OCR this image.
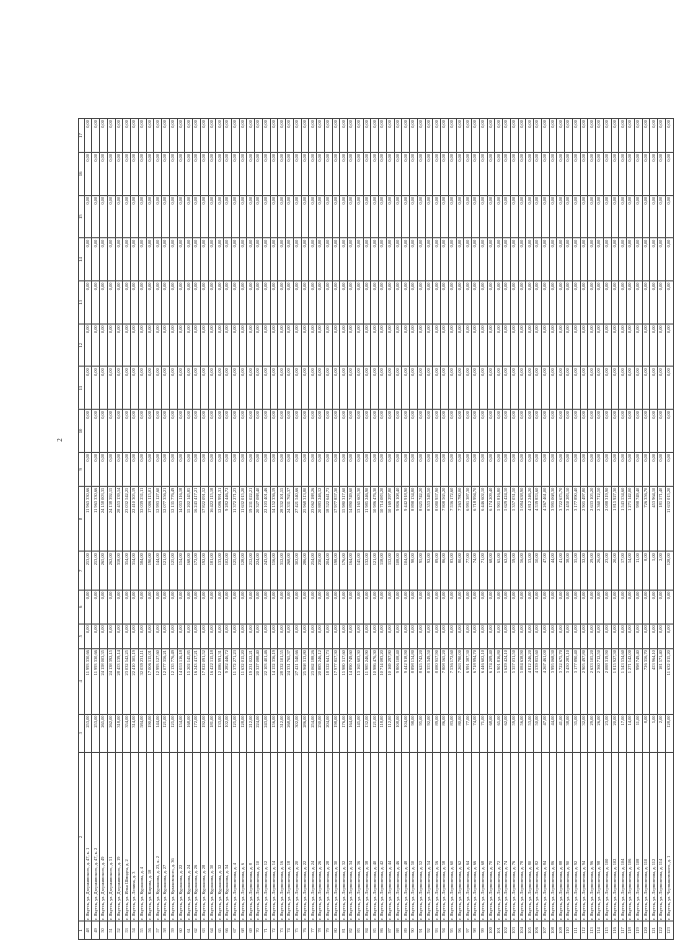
2
1	2	3	4	5	6	7	8	9	10	11	12	13	14	15	16	17
48	г. Якутск, ул. Дзержинского, д. 47, к. 1	253,00	11 993 330,66	0,00	0,00	253,00	11 963 330,66	0,00	0,00	0,00	0,00	0,00	0,00	0,00	0,00	0,00
49	г. Якутск, ул. Дзержинского, д. 47, к. 2	253,00	11 993 330,66	0,00	0,00	253,00	11 963 330,66	0,00	0,00	0,00	0,00	0,00	0,00	0,00	0,00	0,00
50	г. Якутск, ул. Дзержинского, д. 49	265,00	24 158 003,35	0,00	0,00	265,00	24 158 003,35	0,00	0,00	0,00	0,00	0,00	0,00	0,00	0,00	0,00
51	г. Якутск, ул. Дзержинского, д. 51	262,00	24 138 392,15	0,00	0,00	262,00	24 138 392,15	0,00	0,00	0,00	0,00	0,00	0,00	0,00	0,00	0,00
52	г. Якутск, ул. Дзержинского, д. 19	318,00	28 453 139,14	0,00	0,00	318,00	28 453 139,14	0,00	0,00	0,00	0,00	0,00	0,00	0,00	0,00	0,00
53	г. Якутск, ул. Илья Шмидта, д. 2	354,00	23 032 542,25	0,00	0,00	354,00	23 032 542,25	0,00	0,00	0,00	0,00	0,00	0,00	0,00	0,00	0,00
54	г. Якутск, ул. Ленина, д. 3	314,00	22 410 305,19	0,00	0,00	314,00	22 410 305,19	0,00	0,00	0,00	0,00	0,00	0,00	0,00	0,00	0,00
55	г. Якутск, ул. Курашова, д. 4	584,00	32 039 231,11	0,00	0,00	584,00	32 039 231,11	0,00	0,00	0,00	0,00	0,00	0,00	0,00	0,00	0,00
56	г. Якутск, ул. Кирова, д. 18	190,00	17 006 115,01	0,00	0,00	190,00	17 006 115,01	0,00	0,00	0,00	0,00	0,00	0,00	0,00	0,00	0,00
57	г. Якутск, ул. Курашова, д. 23, к. 2	144,00	12 993 127,60	0,00	0,00	144,00	12 993 127,60	0,00	0,00	0,00	0,00	0,00	0,00	0,00	0,00	0,00
58	г. Якутск, ул. Курашова, д. 27	121,00	12 077 356,21	0,00	0,00	121,00	12 077 356,21	0,00	0,00	0,00	0,00	0,00	0,00	0,00	0,00	0,00
59	г. Якутск, ул. Кулаковского, д. 36	125,00	12 135 776,49	0,00	0,00	125,00	12 135 776,49	0,00	0,00	0,00	0,00	0,00	0,00	0,00	0,00	0,00
60	г. Якутск, ул. Курашова, д. 22	154,00	14 053 116,18	0,00	0,00	154,00	14 053 116,18	0,00	0,00	0,00	0,00	0,00	0,00	0,00	0,00	0,00
61	г. Якутск, ул. Курашова, д. 24	168,00	15 202 145,85	0,00	0,00	168,00	15 202 145,85	0,00	0,00	0,00	0,00	0,00	0,00	0,00	0,00	0,00
62	г. Якутск, ул. Курашова, д. 26	172,00	16 243 417,21	0,00	0,00	172,00	16 243 417,21	0,00	0,00	0,00	0,00	0,00	0,00	0,00	0,00	0,00
63	г. Якутск, ул. Курашова, д. 28	192,00	17 822 091,52	0,00	0,00	192,00	17 822 091,52	0,00	0,00	0,00	0,00	0,00	0,00	0,00	0,00	0,00
64	г. Якутск, ул. Курашова, д. 30	181,00	16 422 115,18	0,00	0,00	181,00	16 422 115,18	0,00	0,00	0,00	0,00	0,00	0,00	0,00	0,00	0,00
65	г. Якутск, ул. Курашова, д. 32	133,00	12 086 991,31	0,00	0,00	133,00	12 086 991,31	0,00	0,00	0,00	0,00	0,00	0,00	0,00	0,00	0,00
66	г. Якутск, ул. Курашова, д. 34	102,00	9 282 446,72	0,00	0,00	102,00	9 282 446,72	0,00	0,00	0,00	0,00	0,00	0,00	0,00	0,00	0,00
67	г. Якутск, ул. Лермонтова, д. 4	125,00	11 372 271,23	0,00	0,00	125,00	11 372 271,23	0,00	0,00	0,00	0,00	0,00	0,00	0,00	0,00	0,00
68	г. Якутск, ул. Лермонтова, д. 6	128,00	11 632 015,20	0,00	0,00	128,00	11 632 015,20	0,00	0,00	0,00	0,00	0,00	0,00	0,00	0,00	0,00
69	г. Якутск, ул. Лермонтова, д. 8	212,00	19 231 022,21	0,00	0,00	212,00	19 231 022,21	0,00	0,00	0,00	0,00	0,00	0,00	0,00	0,00	0,00
70	г. Якутск, ул. Лермонтова, д. 10	224,00	20 327 088,40	0,00	0,00	224,00	20 327 088,40	0,00	0,00	0,00	0,00	0,00	0,00	0,00	0,00	0,00
71	г. Якутск, ул. Лермонтова, д. 12	243,00	22 103 401,46	0,00	0,00	243,00	22 103 401,46	0,00	0,00	0,00	0,00	0,00	0,00	0,00	0,00	0,00
72	г. Якутск, ул. Лермонтова, д. 14	156,00	14 152 336,19	0,00	0,00	156,00	14 152 336,19	0,00	0,00	0,00	0,00	0,00	0,00	0,00	0,00	0,00
73	г. Якутск, ул. Лермонтова, д. 16	312,00	28 332 101,55	0,00	0,00	312,00	28 332 101,55	0,00	0,00	0,00	0,00	0,00	0,00	0,00	0,00	0,00
74	г. Якутск, ул. Лермонтова, д. 18	268,00	24 331 765,37	0,00	0,00	268,00	24 331 765,37	0,00	0,00	0,00	0,00	0,00	0,00	0,00	0,00	0,00
75	г. Якутск, ул. Лермонтова, д. 20	302,00	27 421 540,66	0,00	0,00	302,00	27 421 540,66	0,00	0,00	0,00	0,00	0,00	0,00	0,00	0,00	0,00
76	г. Якутск, ул. Лермонтова, д. 22	286,00	25 968 313,80	0,00	0,00	286,00	25 968 313,80	0,00	0,00	0,00	0,00	0,00	0,00	0,00	0,00	0,00
77	г. Якутск, ул. Лермонтова, д. 24	254,00	23 062 188,26	0,00	0,00	254,00	23 062 188,26	0,00	0,00	0,00	0,00	0,00	0,00	0,00	0,00	0,00
78	г. Якутск, ул. Лермонтова, д. 26	230,00	20 883 246,12	0,00	0,00	230,00	20 883 246,12	0,00	0,00	0,00	0,00	0,00	0,00	0,00	0,00	0,00
79	г. Якутск, ул. Лермонтова, д. 28	204,00	18 522 641,73	0,00	0,00	204,00	18 522 641,73	0,00	0,00	0,00	0,00	0,00	0,00	0,00	0,00	0,00
80	г. Якутск, ул. Лермонтова, д. 30	198,00	17 977 857,30	0,00	0,00	198,00	17 977 857,30	0,00	0,00	0,00	0,00	0,00	0,00	0,00	0,00	0,00
81	г. Якутск, ул. Лермонтова, д. 32	176,00	15 980 317,60	0,00	0,00	176,00	15 980 317,60	0,00	0,00	0,00	0,00	0,00	0,00	0,00	0,00	0,00
82	г. Якутск, ул. Лермонтова, д. 34	164,00	14 890 749,60	0,00	0,00	164,00	14 890 749,60	0,00	0,00	0,00	0,00	0,00	0,00	0,00	0,00	0,00
83	г. Якутск, ул. Лермонтова, д. 36	145,00	13 165 603,30	0,00	0,00	145,00	13 165 603,30	0,00	0,00	0,00	0,00	0,00	0,00	0,00	0,00	0,00
84	г. Якутск, ул. Лермонтова, д. 38	132,00	11 985 246,90	0,00	0,00	132,00	11 985 246,90	0,00	0,00	0,00	0,00	0,00	0,00	0,00	0,00	0,00
85	г. Якутск, ул. Лермонтова, д. 40	121,00	10 986 476,30	0,00	0,00	121,00	10 986 476,30	0,00	0,00	0,00	0,00	0,00	0,00	0,00	0,00	0,00
86	г. Якутск, ул. Лермонтова, д. 42	118,00	10 714 083,20	0,00	0,00	118,00	10 714 083,20	0,00	0,00	0,00	0,00	0,00	0,00	0,00	0,00	0,00
87	г. Якутск, ул. Лермонтова, д. 44	112,00	10 169 297,80	0,00	0,00	112,00	10 169 297,80	0,00	0,00	0,00	0,00	0,00	0,00	0,00	0,00	0,00
88	г. Якутск, ул. Лермонтова, д. 46	108,00	9 806 108,40	0,00	0,00	108,00	9 806 108,40	0,00	0,00	0,00	0,00	0,00	0,00	0,00	0,00	0,00
89	г. Якутск, ул. Лермонтова, д. 48	104,00	9 442 918,90	0,00	0,00	104,00	9 442 918,90	0,00	0,00	0,00	0,00	0,00	0,00	0,00	0,00	0,00
90	г. Якутск, ул. Лермонтова, д. 50	98,00	8 898 134,80	0,00	0,00	98,00	8 898 134,80	0,00	0,00	0,00	0,00	0,00	0,00	0,00	0,00	0,00
91	г. Якутск, ул. Лермонтова, д. 52	95,00	8 625 742,20	0,00	0,00	95,00	8 625 742,20	0,00	0,00	0,00	0,00	0,00	0,00	0,00	0,00	0,00
92	г. Якутск, ул. Лермонтова, д. 54	92,00	8 353 349,50	0,00	0,00	92,00	8 353 349,50	0,00	0,00	0,00	0,00	0,00	0,00	0,00	0,00	0,00
93	г. Якутск, ул. Лермонтова, д. 56	89,00	8 080 957,90	0,00	0,00	89,00	8 080 957,90	0,00	0,00	0,00	0,00	0,00	0,00	0,00	0,00	0,00
94	г. Якутск, ул. Лермонтова, д. 58	86,00	7 808 565,20	0,00	0,00	86,00	7 808 565,20	0,00	0,00	0,00	0,00	0,00	0,00	0,00	0,00	0,00
95	г. Якутск, ул. Лермонтова, д. 60	83,00	7 536 172,60	0,00	0,00	83,00	7 536 172,60	0,00	0,00	0,00	0,00	0,00	0,00	0,00	0,00	0,00
96	г. Якутск, ул. Лермонтова, д. 62	80,00	7 263 780,00	0,00	0,00	80,00	7 263 780,00	0,00	0,00	0,00	0,00	0,00	0,00	0,00	0,00	0,00
97	г. Якутск, ул. Лермонтова, д. 64	77,00	6 991 387,30	0,00	0,00	77,00	6 991 387,30	0,00	0,00	0,00	0,00	0,00	0,00	0,00	0,00	0,00
98	г. Якутск, ул. Лермонтова, д. 66	74,00	6 718 994,70	0,00	0,00	74,00	6 718 994,70	0,00	0,00	0,00	0,00	0,00	0,00	0,00	0,00	0,00
99	г. Якутск, ул. Лермонтова, д. 68	71,00	6 446 602,10	0,00	0,00	71,00	6 446 602,10	0,00	0,00	0,00	0,00	0,00	0,00	0,00	0,00	0,00
100	г. Якутск, ул. Лермонтова, д. 70	68,00	6 174 209,40	0,00	0,00	68,00	6 174 209,40	0,00	0,00	0,00	0,00	0,00	0,00	0,00	0,00	0,00
101	г. Якутск, ул. Лермонтова, д. 72	65,00	5 901 816,80	0,00	0,00	65,00	5 901 816,80	0,00	0,00	0,00	0,00	0,00	0,00	0,00	0,00	0,00
102	г. Якутск, ул. Лермонтова, д. 74	62,00	5 629 424,10	0,00	0,00	62,00	5 629 424,10	0,00	0,00	0,00	0,00	0,00	0,00	0,00	0,00	0,00
103	г. Якутск, ул. Лермонтова, д. 76	59,00	5 357 031,50	0,00	0,00	59,00	5 357 031,50	0,00	0,00	0,00	0,00	0,00	0,00	0,00	0,00	0,00
104	г. Якутск, ул. Лермонтова, д. 78	56,00	5 084 638,90	0,00	0,00	56,00	5 084 638,90	0,00	0,00	0,00	0,00	0,00	0,00	0,00	0,00	0,00
105	г. Якутск, ул. Лермонтова, д. 80	53,00	4 812 246,20	0,00	0,00	53,00	4 812 246,20	0,00	0,00	0,00	0,00	0,00	0,00	0,00	0,00	0,00
106	г. Якутск, ул. Лермонтова, д. 82	50,00	4 539 853,60	0,00	0,00	50,00	4 539 853,60	0,00	0,00	0,00	0,00	0,00	0,00	0,00	0,00	0,00
107	г. Якутск, ул. Лермонтова, д. 84	47,00	4 267 461,00	0,00	0,00	47,00	4 267 461,00	0,00	0,00	0,00	0,00	0,00	0,00	0,00	0,00	0,00
108	г. Якутск, ул. Лермонтова, д. 86	44,00	3 995 068,30	0,00	0,00	44,00	3 995 068,30	0,00	0,00	0,00	0,00	0,00	0,00	0,00	0,00	0,00
109	г. Якутск, ул. Лермонтова, д. 88	41,00	3 722 675,70	0,00	0,00	41,00	3 722 675,70	0,00	0,00	0,00	0,00	0,00	0,00	0,00	0,00	0,00
110	г. Якутск, ул. Лермонтова, д. 90	38,00	3 450 283,10	0,00	0,00	38,00	3 450 283,10	0,00	0,00	0,00	0,00	0,00	0,00	0,00	0,00	0,00
111	г. Якутск, ул. Лермонтова, д. 92	35,00	3 177 890,40	0,00	0,00	35,00	3 177 890,40	0,00	0,00	0,00	0,00	0,00	0,00	0,00	0,00	0,00
112	г. Якутск, ул. Лермонтова, д. 94	32,00	2 905 497,80	0,00	0,00	32,00	2 905 497,80	0,00	0,00	0,00	0,00	0,00	0,00	0,00	0,00	0,00
113	г. Якутск, ул. Лермонтова, д. 96	29,00	2 633 105,20	0,00	0,00	29,00	2 633 105,20	0,00	0,00	0,00	0,00	0,00	0,00	0,00	0,00	0,00
114	г. Якутск, ул. Лермонтова, д. 98	26,00	2 360 712,50	0,00	0,00	26,00	2 360 712,50	0,00	0,00	0,00	0,00	0,00	0,00	0,00	0,00	0,00
115	г. Якутск, ул. Лермонтова, д. 100	23,00	2 088 319,90	0,00	0,00	23,00	2 088 319,90	0,00	0,00	0,00	0,00	0,00	0,00	0,00	0,00	0,00
116	г. Якутск, ул. Лермонтова, д. 102	20,00	1 815 927,30	0,00	0,00	20,00	1 815 927,30	0,00	0,00	0,00	0,00	0,00	0,00	0,00	0,00	0,00
117	г. Якутск, ул. Лермонтова, д. 104	17,00	1 543 534,60	0,00	0,00	17,00	1 543 534,60	0,00	0,00	0,00	0,00	0,00	0,00	0,00	0,00	0,00
118	г. Якутск, ул. Лермонтова, д. 106	14,00	1 271 142,00	0,00	0,00	14,00	1 271 142,00	0,00	0,00	0,00	0,00	0,00	0,00	0,00	0,00	0,00
119	г. Якутск, ул. Лермонтова, д. 108	11,00	998 749,40	0,00	0,00	11,00	998 749,40	0,00	0,00	0,00	0,00	0,00	0,00	0,00	0,00	0,00
120	г. Якутск, ул. Лермонтова, д. 110	8,00	726 356,70	0,00	0,00	8,00	726 356,70	0,00	0,00	0,00	0,00	0,00	0,00	0,00	0,00	0,00
121	г. Якутск, ул. Лермонтова, д. 112	5,00	453 964,10	0,00	0,00	5,00	453 964,10	0,00	0,00	0,00	0,00	0,00	0,00	0,00	0,00	0,00
122	г. Якутск, ул. Лермонтова, д. 114	2,00	181 571,40	0,00	0,00	2,00	181 571,40	0,00	0,00	0,00	0,00	0,00	0,00	0,00	0,00	0,00
123	г. Якутск, ул. Чернышевского, д. 1	128,00	11 632 015,20	0,00	0,00	128,00	11 632 015,20	0,00	0,00	0,00	0,00	0,00	0,00	0,00	0,00	0,00
